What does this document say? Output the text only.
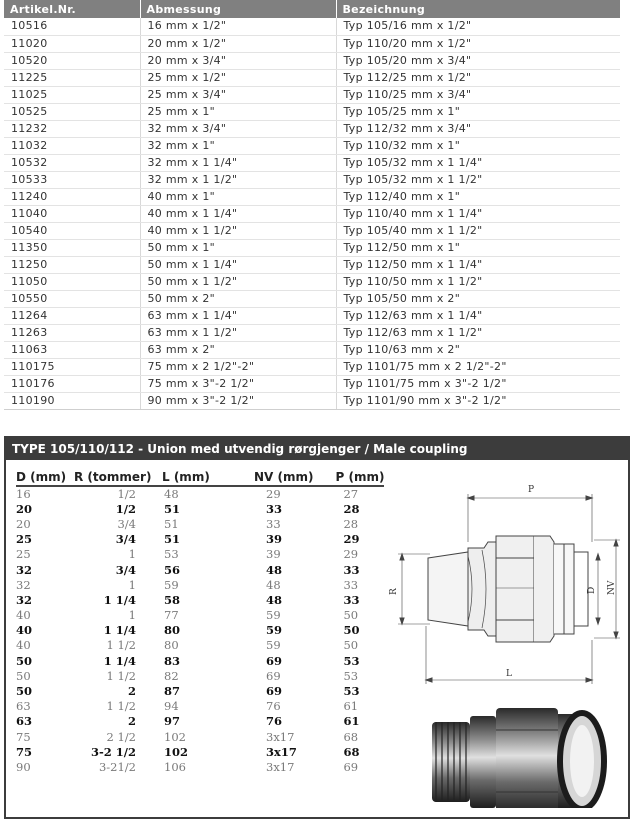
Artikel.Nr.	Abmessung	Bezeichnung
10516	16 mm x 1/2"	Typ 105/16 mm x 1/2"
11020	20 mm x 1/2"	Typ 110/20 mm x 1/2"
10520	20 mm x 3/4"	Typ 105/20 mm x 3/4"
11225	25 mm x 1/2"	Typ 112/25 mm x 1/2"
11025	25 mm x 3/4"	Typ 110/25 mm x 3/4"
10525	25 mm x 1"	Typ 105/25 mm x 1"
11232	32 mm x 3/4"	Typ 112/32 mm x 3/4"
11032	32 mm x 1"	Typ 110/32 mm x 1"
10532	32 mm x 1 1/4"	Typ 105/32 mm x 1 1/4"
10533	32 mm x 1 1/2"	Typ 105/32 mm x 1 1/2"
11240	40 mm x 1"	Typ 112/40 mm x 1"
11040	40 mm x 1 1/4"	Typ 110/40 mm x 1 1/4"
10540	40 mm x 1 1/2"	Typ 105/40 mm x 1 1/2"
11350	50 mm x 1"	Typ 112/50 mm x 1"
11250	50 mm x 1 1/4"	Typ 112/50 mm x 1 1/4"
11050	50 mm x 1 1/2"	Typ 110/50 mm x 1 1/2"
10550	50 mm x 2"	Typ 105/50 mm x 2"
11264	63 mm x 1 1/4"	Typ 112/63 mm x 1 1/4"
11263	63 mm x 1 1/2"	Typ 112/63 mm x 1 1/2"
11063	63 mm x 2"	Typ 110/63 mm x 2"
110175	75 mm x 2 1/2"-2"	Typ 1101/75 mm x 2 1/2"-2"
110176	75 mm x 3"-2 1/2"	Typ 1101/75 mm x 3"-2 1/2"
110190	90 mm x 3"-2 1/2"	Typ 1101/90 mm x 3"-2 1/2"
TYPE 105/110/112 - Union med utvendig rørgjenger / Male coupling
D (mm)	R (tommer)	L (mm)	NV (mm)	P (mm)
16	1/2	48	29	27
20	1/2	51	33	28
20	3/4	51	33	28
25	3/4	51	39	29
25	1	53	39	29
32	3/4	56	48	33
32	1	59	48	33
32	1 1/4	58	48	33
40	1	77	59	50
40	1 1/4	80	59	50
40	1 1/2	80	59	50
50	1 1/4	83	69	53
50	1 1/2	82	69	53
50	2	87	69	53
63	1 1/2	94	76	61
63	2	97	76	61
75	2 1/2	102	3x17	68
75	3-2 1/2	102	3x17	68
90	3-21/2	106	3x17	69
P
R	D NV
L
